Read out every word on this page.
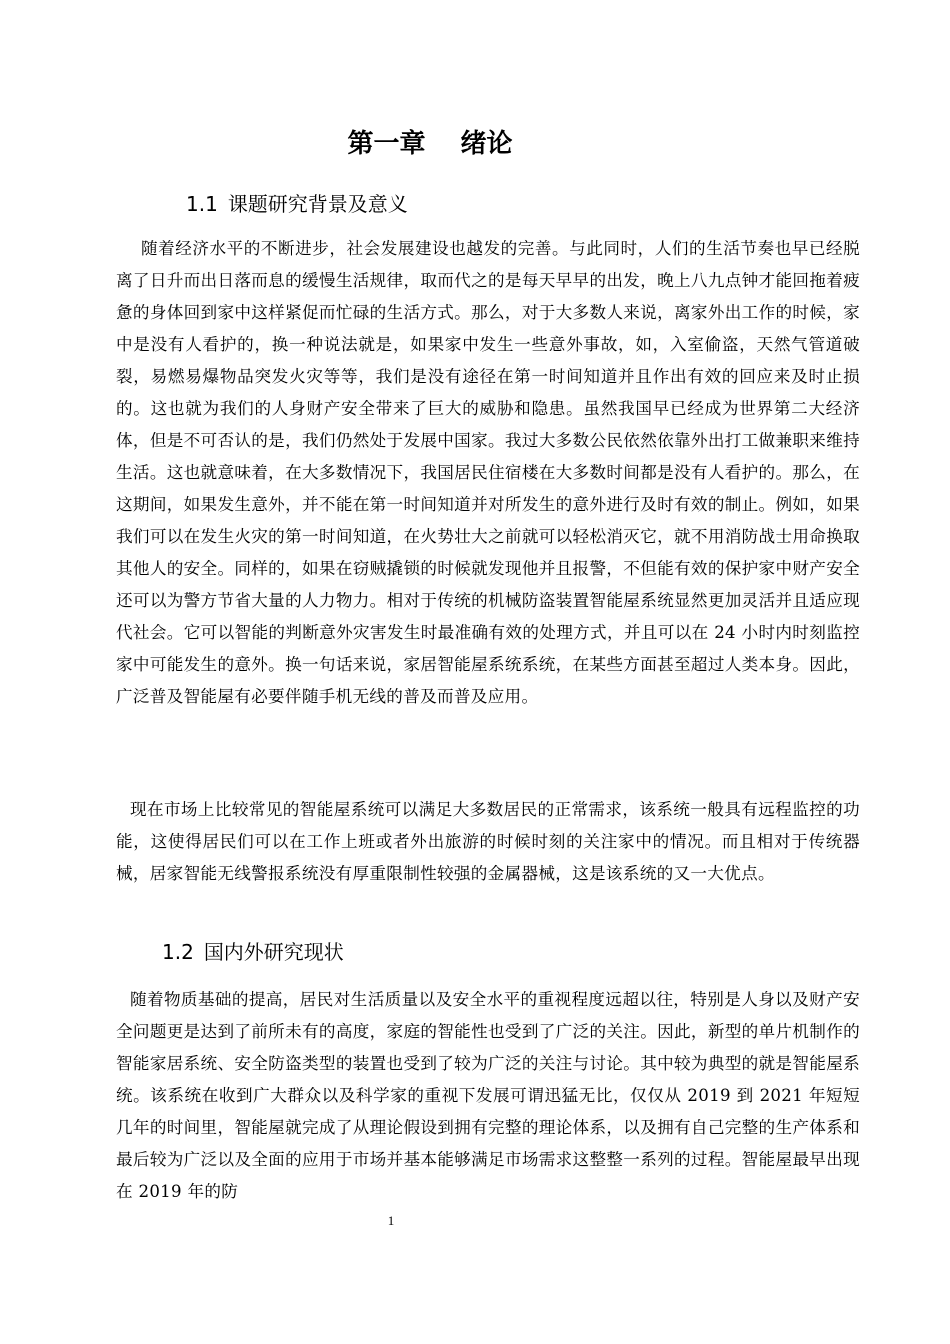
第一章　 绪论
1.1 课题研究背景及意义

随着经济水平的不断进步，社会发展建设也越发的完善。与此同时，人们的生活节奏也早已经脱离了日升而出日落而息的缓慢生活规律，取而代之的是每天早早的出发，晚上八九点钟才能回拖着疲惫的身体回到家中这样紧促而忙碌的生活方式。那么，对于大多数人来说，离家外出工作的时候，家中是没有人看护的，换一种说法就是，如果家中发生一些意外事故，如，入室偷盗，天然气管道破裂，易燃易爆物品突发火灾等等，我们是没有途径在第一时间知道并且作出有效的回应来及时止损的。这也就为我们的人身财产安全带来了巨大的威胁和隐患。虽然我国早已经成为世界第二大经济体，但是不可否认的是，我们仍然处于发展中国家。我过大多数公民依然依靠外出打工做兼职来维持生活。这也就意味着，在大多数情况下，我国居民住宿楼在大多数时间都是没有人看护的。那么，在这期间，如果发生意外，并不能在第一时间知道并对所发生的意外进行及时有效的制止。例如，如果我们可以在发生火灾的第一时间知道，在火势壮大之前就可以轻松消灭它，就不用消防战士用命换取其他人的安全。同样的，如果在窃贼撬锁的时候就发现他并且报警，不但能有效的保护家中财产安全还可以为警方节省大量的人力物力。相对于传统的机械防盗装置智能屋系统显然更加灵活并且适应现代社会。它可以智能的判断意外灾害发生时最准确有效的处理方式，并且可以在 24 小时内时刻监控家中可能发生的意外。换一句话来说，家居智能屋系统系统，在某些方面甚至超过人类本身。因此，广泛普及智能屋有必要伴随手机无线的普及而普及应用。

现在市场上比较常见的智能屋系统可以满足大多数居民的正常需求，该系统一般具有远程监控的功能，这使得居民们可以在工作上班或者外出旅游的时候时刻的关注家中的情况。而且相对于传统器械，居家智能无线警报系统没有厚重限制性较强的金属器械，这是该系统的又一大优点。

1.2 国内外研究现状

随着物质基础的提高，居民对生活质量以及安全水平的重视程度远超以往，特别是人身以及财产安全问题更是达到了前所未有的高度，家庭的智能性也受到了广泛的关注。因此，新型的单片机制作的智能家居系统、安全防盗类型的装置也受到了较为广泛的关注与讨论。其中较为典型的就是智能屋系统。该系统在收到广大群众以及科学家的重视下发展可谓迅猛无比，仅仅从 2019 到 2021 年短短几年的时间里，智能屋就完成了从理论假设到拥有完整的理论体系，以及拥有自己完整的生产体系和最后较为广泛以及全面的应用于市场并基本能够满足市场需求这整整一系列的过程。智能屋最早出现在 2019 年的防

1
